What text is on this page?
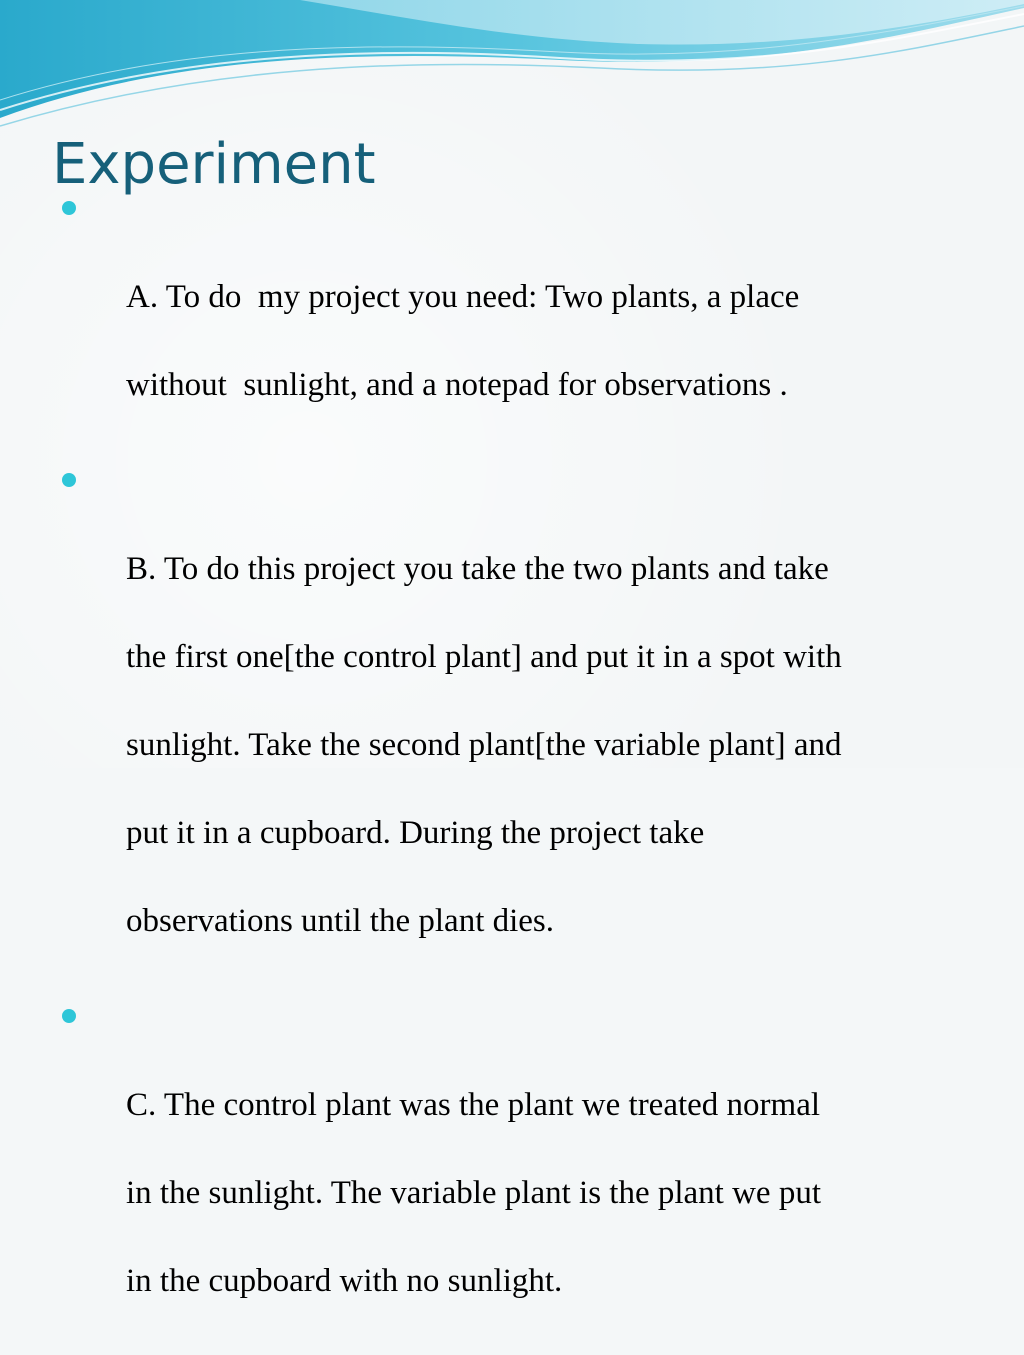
Experiment

A. To do  my project you need: Two plants, a place

without  sunlight, and a notepad for observations .

B. To do this project you take the two plants and take

the first one[the control plant] and put it in a spot with

sunlight. Take the second plant[the variable plant] and

put it in a cupboard. During the project take

observations until the plant dies.

C. The control plant was the plant we treated normal

in the sunlight. The variable plant is the plant we put

in the cupboard with no sunlight.
